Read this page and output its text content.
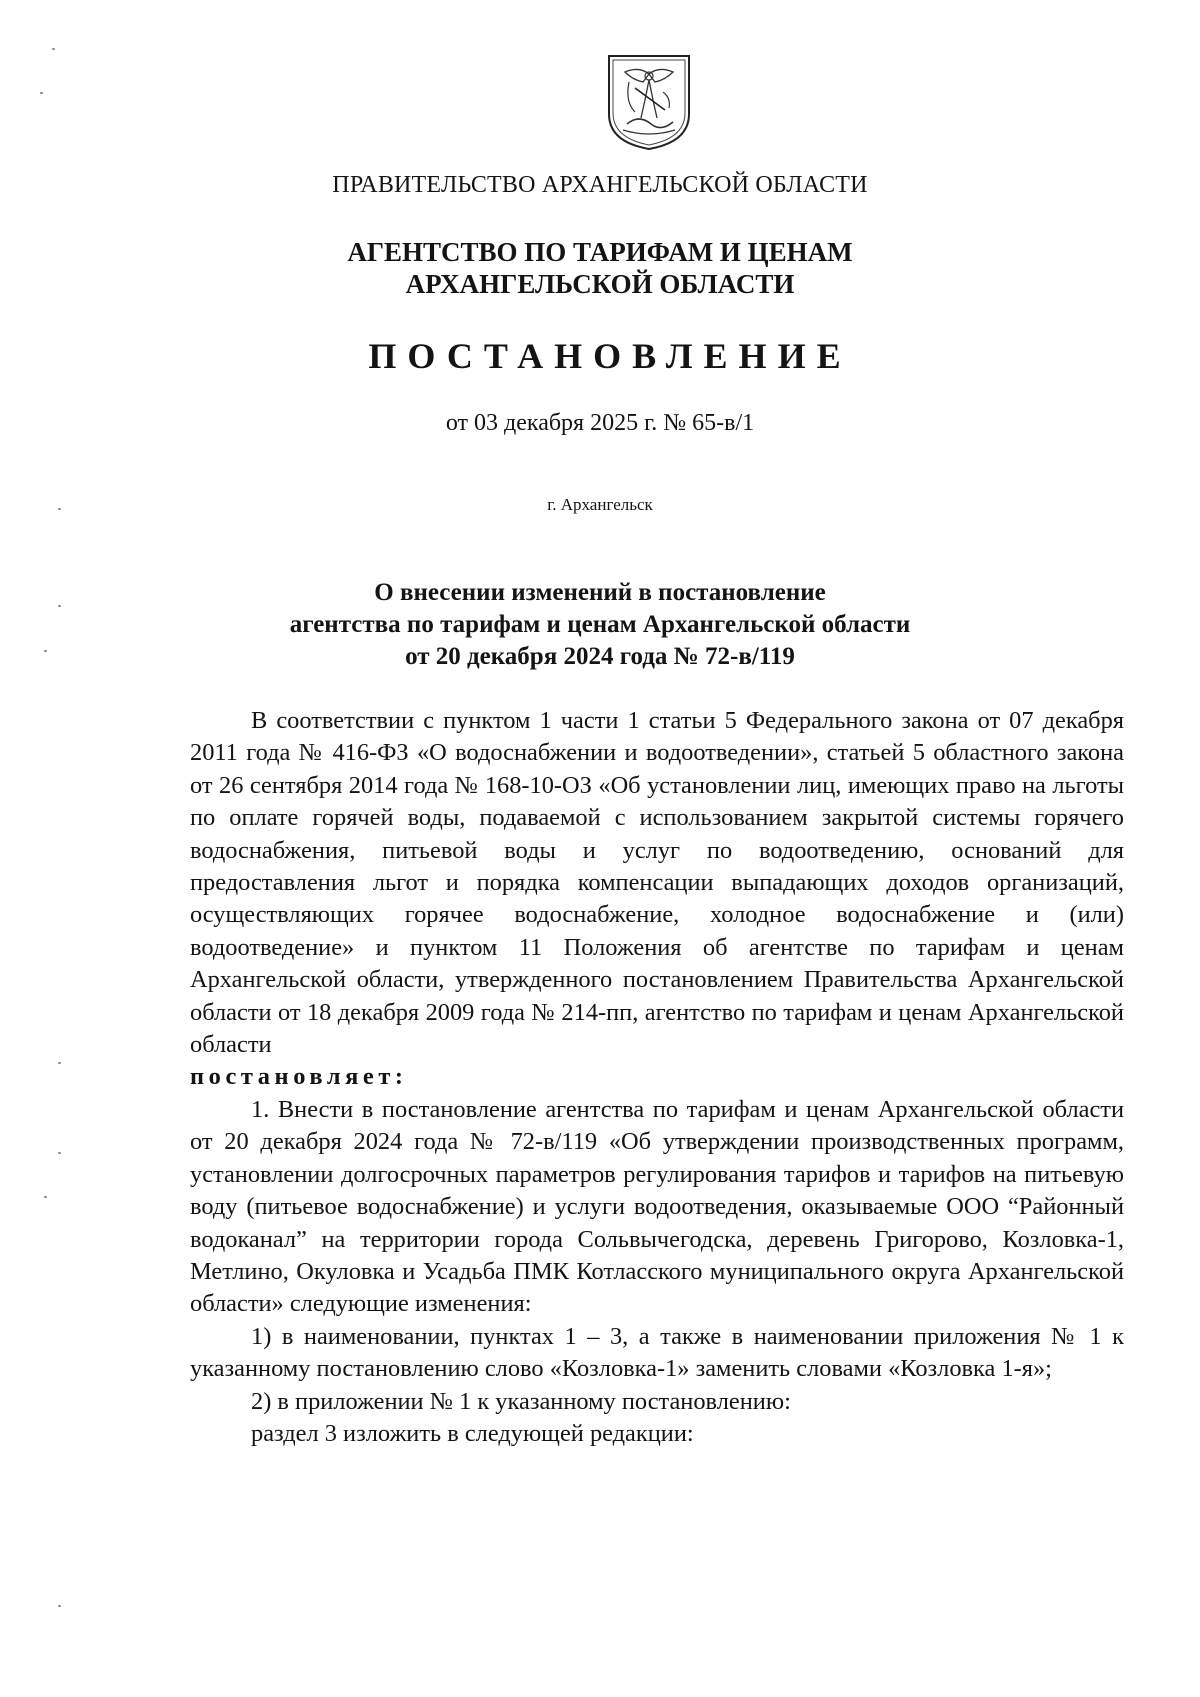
ПРАВИТЕЛЬСТВО АРХАНГЕЛЬСКОЙ ОБЛАСТИ
АГЕНТСТВО ПО ТАРИФАМ И ЦЕНАМ
АРХАНГЕЛЬСКОЙ ОБЛАСТИ
ПОСТАНОВЛЕНИЕ
от 03 декабря 2025 г. № 65-в/1
г. Архангельск
О внесении изменений в постановление
агентства по тарифам и ценам Архангельской области
от 20 декабря 2024 года № 72-в/119

В соответствии с пунктом 1 части 1 статьи 5 Федерального закона от 07 декабря 2011 года № 416-ФЗ «О водоснабжении и водоотведении», статьей 5 областного закона от 26 сентября 2014 года № 168-10-ОЗ «Об установлении лиц, имеющих право на льготы по оплате горячей воды, подаваемой с использованием закрытой системы горячего водоснабжения, питьевой воды и услуг по водоотведению, оснований для предоставления льгот и порядка компенсации выпадающих доходов организаций, осуществляющих горячее водоснабжение, холодное водоснабжение и (или) водоотведение» и пунктом 11 Положения об агентстве по тарифам и ценам Архангельской области, утвержденного постановлением Правительства Архангельской области от 18 декабря 2009 года № 214-пп, агентство по тарифам и ценам Архангельской области
постановляет:

1. Внести в постановление агентства по тарифам и ценам Архангельской области от 20 декабря 2024 года № 72-в/119 «Об утверждении производственных программ, установлении долгосрочных параметров регулирования тарифов и тарифов на питьевую воду (питьевое водоснабжение) и услуги водоотведения, оказываемые ООО “Районный водоканал” на территории города Сольвычегодска, деревень Григорово, Козловка-1, Метлино, Окуловка и Усадьба ПМК Котласского муниципального округа Архангельской области» следующие изменения:

1) в наименовании, пунктах 1 – 3, а также в наименовании приложения № 1 к указанному постановлению слово «Козловка-1» заменить словами «Козловка 1-я»;

2) в приложении № 1 к указанному постановлению:

раздел 3 изложить в следующей редакции:
